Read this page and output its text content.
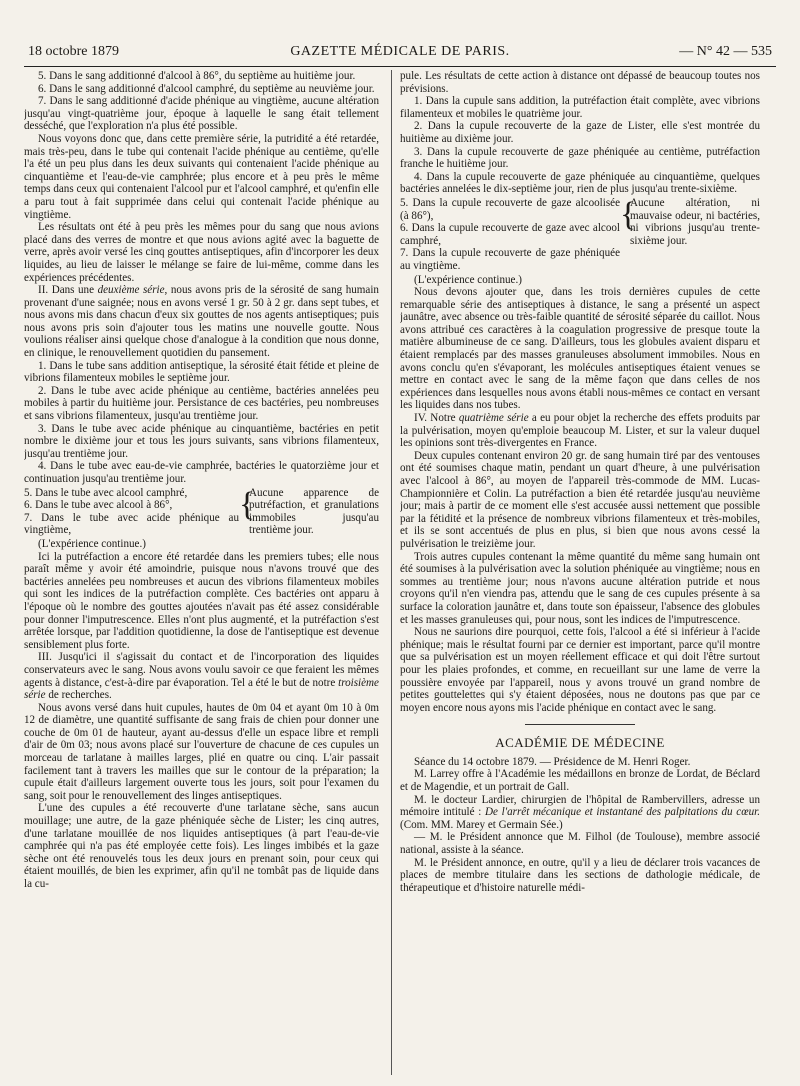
18 octobre 1879	GAZETTE MÉDICALE DE PARIS.	— N° 42 — 535

5. Dans le sang additionné d'alcool à 86°, du septième au huitième jour.

6. Dans le sang additionné d'alcool camphré, du septième au neuvième jour.

7. Dans le sang additionné d'acide phénique au vingtième, aucune altération jusqu'au vingt-quatrième jour, époque à laquelle le sang était tellement desséché, que l'exploration n'a plus été possible.

Nous voyons donc que, dans cette première série, la putridité a été retardée, mais très-peu, dans le tube qui contenait l'acide phénique au centième, qu'elle l'a été un peu plus dans les deux suivants qui contenaient l'acide phénique au cinquantième et l'eau-de-vie camphrée; plus encore et à peu près le même temps dans ceux qui contenaient l'alcool pur et l'alcool camphré, et qu'enfin elle a paru tout à fait supprimée dans celui qui contenait l'acide phénique au vingtième.

Les résultats ont été à peu près les mêmes pour du sang que nous avions placé dans des verres de montre et que nous avions agité avec la baguette de verre, après avoir versé les cinq gouttes antiseptiques, afin d'incorporer les deux liquides, au lieu de laisser le mélange se faire de lui-même, comme dans les expériences précédentes.

II. Dans une deuxième série, nous avons pris de la sérosité de sang humain provenant d'une saignée; nous en avons versé 1 gr. 50 à 2 gr. dans sept tubes, et nous avons mis dans chacun d'eux six gouttes de nos agents antiseptiques; puis nous avons pris soin d'ajouter tous les matins une nouvelle goutte. Nous voulions réaliser ainsi quelque chose d'analogue à la condition que nous donne, en clinique, le renouvellement quotidien du pansement.

1. Dans le tube sans addition antiseptique, la sérosité était fétide et pleine de vibrions filamenteux mobiles le septième jour.

2. Dans le tube avec acide phénique au centième, bactéries annelées peu mobiles à partir du huitième jour. Persistance de ces bactéries, peu nombreuses et sans vibrions filamenteux, jusqu'au trentième jour.

3. Dans le tube avec acide phénique au cinquantième, bactéries en petit nombre le dixième jour et tous les jours suivants, sans vibrions filamenteux, jusqu'au trentième jour.

4. Dans le tube avec eau-de-vie camphrée, bactéries le quatorzième jour et continuation jusqu'au trentième jour.

5. Dans le tube avec alcool camphré,

6. Dans le tube avec alcool à 86°,

7. Dans le tube avec acide phénique au vingtième,

{

Aucune apparence de putréfaction, et granulations immobiles jusqu'au trentième jour.

(L'expérience continue.)

Ici la putréfaction a encore été retardée dans les premiers tubes; elle nous paraît même y avoir été amoindrie, puisque nous n'avons trouvé que des bactéries annelées peu nombreuses et aucun des vibrions filamenteux mobiles qui sont les indices de la putréfaction complète. Ces bactéries ont apparu à l'époque où le nombre des gouttes ajoutées n'avait pas été assez considérable pour donner l'imputrescence. Elles n'ont plus augmenté, et la putréfaction s'est arrêtée lorsque, par l'addition quotidienne, la dose de l'antiseptique est devenue sensiblement plus forte.

III. Jusqu'ici il s'agissait du contact et de l'incorporation des liquides conservateurs avec le sang. Nous avons voulu savoir ce que feraient les mêmes agents à distance, c'est-à-dire par évaporation. Tel a été le but de notre troisième série de recherches.

Nous avons versé dans huit cupules, hautes de 0m 04 et ayant 0m 10 à 0m 12 de diamètre, une quantité suffisante de sang frais de chien pour donner une couche de 0m 01 de hauteur, ayant au-dessus d'elle un espace libre et rempli d'air de 0m 03; nous avons placé sur l'ouverture de chacune de ces cupules un morceau de tarlatane à mailles larges, plié en quatre ou cinq. L'air passait facilement tant à travers les mailles que sur le contour de la préparation; la cupule était d'ailleurs largement ouverte tous les jours, soit pour l'examen du sang, soit pour le renouvellement des linges antiseptiques.

L'une des cupules a été recouverte d'une tarlatane sèche, sans aucun mouillage; une autre, de la gaze phéniquée sèche de Lister; les cinq autres, d'une tarlatane mouillée de nos liquides antiseptiques (à part l'eau-de-vie camphrée qui n'a pas été employée cette fois). Les linges imbibés et la gaze sèche ont été renouvelés tous les deux jours en prenant soin, pour ceux qui étaient mouillés, de bien les exprimer, afin qu'il ne tombât pas de liquide dans la cu-

pule. Les résultats de cette action à distance ont dépassé de beaucoup toutes nos prévisions.

1. Dans la cupule sans addition, la putréfaction était complète, avec vibrions filamenteux et mobiles le quatrième jour.

2. Dans la cupule recouverte de la gaze de Lister, elle s'est montrée du huitième au dixième jour.

3. Dans la cupule recouverte de gaze phéniquée au centième, putréfaction franche le huitième jour.

4. Dans la cupule recouverte de gaze phéniquée au cinquantième, quelques bactéries annelées le dix-septième jour, rien de plus jusqu'au trente-sixième.

5. Dans la cupule recouverte de gaze alcoolisée (à 86°),

6. Dans la cupule recouverte de gaze avec alcool camphré,

7. Dans la cupule recouverte de gaze phéniquée au vingtième.

{

Aucune altération, ni mauvaise odeur, ni bactéries, ni vibrions jusqu'au trente-sixième jour.

(L'expérience continue.)

Nous devons ajouter que, dans les trois dernières cupules de cette remarquable série des antiseptiques à distance, le sang a présenté un aspect jaunâtre, avec absence ou très-faible quantité de sérosité séparée du caillot. Nous avons attribué ces caractères à la coagulation progressive de presque toute la matière albumineuse de ce sang. D'ailleurs, tous les globules avaient disparu et étaient remplacés par des masses granuleuses absolument immobiles. Nous en avons conclu qu'en s'évaporant, les molécules antiseptiques étaient venues se mettre en contact avec le sang de la même façon que dans celles de nos expériences dans lesquelles nous avons établi nous-mêmes ce contact en versant les liquides dans nos tubes.

IV. Notre quatrième série a eu pour objet la recherche des effets produits par la pulvérisation, moyen qu'emploie beaucoup M. Lister, et sur la valeur duquel les opinions sont très-divergentes en France.

Deux cupules contenant environ 20 gr. de sang humain tiré par des ventouses ont été soumises chaque matin, pendant un quart d'heure, à une pulvérisation avec l'alcool à 86°, au moyen de l'appareil très-commode de MM. Lucas-Championnière et Colin. La putréfaction a bien été retardée jusqu'au neuvième jour; mais à partir de ce moment elle s'est accusée aussi nettement que possible par la fétidité et la présence de nombreux vibrions filamenteux et très-mobiles, et ils se sont accentués de plus en plus, si bien que nous avons cessé la pulvérisation le treizième jour.

Trois autres cupules contenant la même quantité du même sang humain ont été soumises à la pulvérisation avec la solution phéniquée au vingtième; nous en sommes au trentième jour; nous n'avons aucune altération putride et nous croyons qu'il n'en viendra pas, attendu que le sang de ces cupules présente à sa surface la coloration jaunâtre et, dans toute son épaisseur, l'absence des globules et les masses granuleuses qui, pour nous, sont les indices de l'imputrescence.

Nous ne saurions dire pourquoi, cette fois, l'alcool a été si inférieur à l'acide phénique; mais le résultat fourni par ce dernier est important, parce qu'il montre que sa pulvérisation est un moyen réellement efficace et qui doit l'être surtout pour les plaies profondes, et comme, en recueillant sur une lame de verre la poussière envoyée par l'appareil, nous y avons trouvé un grand nombre de petites gouttelettes qui s'y étaient déposées, nous ne doutons pas que par ce moyen encore nous ayons mis l'acide phénique en contact avec le sang.

ACADÉMIE DE MÉDECINE

Séance du 14 octobre 1879. — Présidence de M. Henri Roger.

M. Larrey offre à l'Académie les médaillons en bronze de Lordat, de Béclard et de Magendie, et un portrait de Gall.

M. le docteur Lardier, chirurgien de l'hôpital de Rambervillers, adresse un mémoire intitulé : De l'arrêt mécanique et instantané des palpitations du cœur. (Com. MM. Marey et Germain Sée.)

— M. le Président annonce que M. Filhol (de Toulouse), membre associé national, assiste à la séance.

M. le Président annonce, en outre, qu'il y a lieu de déclarer trois vacances de places de membre titulaire dans les sections de dathologie médicale, de thérapeutique et d'histoire naturelle médi-
